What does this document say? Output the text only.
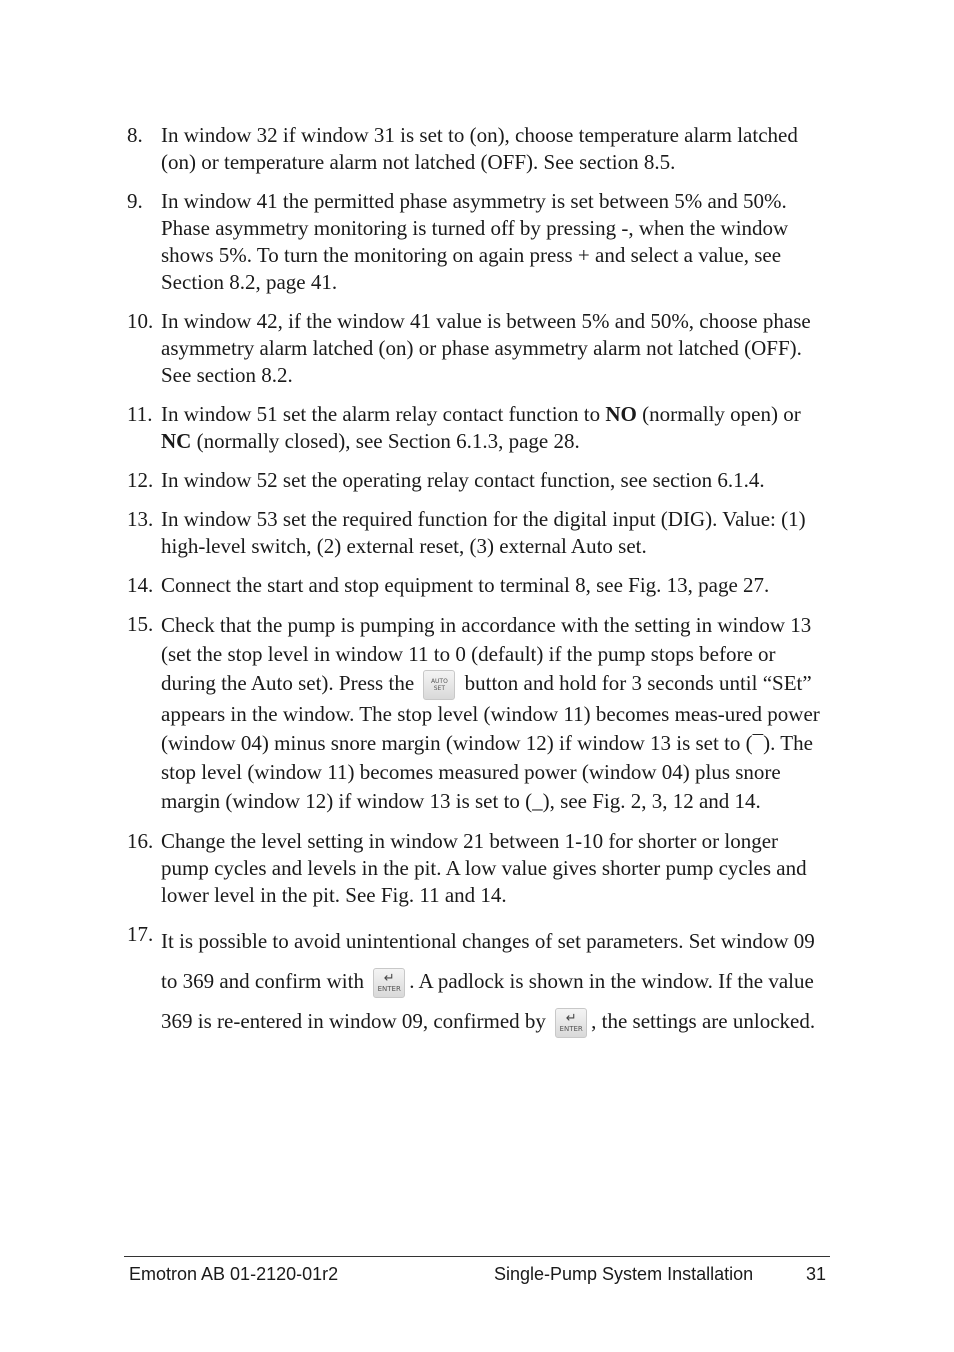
8. In window 32 if window 31 is set to (on), choose temperature alarm latched (on) or temperature alarm not latched (OFF). See section 8.5.
9. In window 41 the permitted phase asymmetry is set between 5% and 50%. Phase asymmetry monitoring is turned off by pressing -, when the window shows 5%. To turn the monitoring on again press + and select a value, see Section 8.2, page 41.
10. In window 42, if the window 41 value is between 5% and 50%, choose phase asymmetry alarm latched (on) or phase asymmetry alarm not latched (OFF). See section 8.2.
11. In window 51 set the alarm relay contact function to NO (normally open) or NC (normally closed), see Section 6.1.3, page 28.
12. In window 52 set the operating relay contact function, see section 6.1.4.
13. In window 53 set the required function for the digital input (DIG). Value: (1) high-level switch, (2) external reset, (3) external Auto set.
14. Connect the start and stop equipment to terminal 8, see Fig. 13, page 27.
15. Check that the pump is pumping in accordance with the setting in window 13 (set the stop level in window 11 to 0 (default) if the pump stops before or during the Auto set). Press the AUTO
SET button and hold for 3 seconds until “SEt” appears in the window. The stop level (window 11) becomes meas-ured power (window 04) minus snore margin (window 12) if window 13 is set to (¯). The stop level (window 11) becomes measured power (window 04) plus snore margin (window 12) if window 13 is set to (_), see Fig. 2, 3, 12 and 14.
16. Change the level setting in window 21 between 1-10 for shorter or longer pump cycles and levels in the pit. A low value gives shorter pump cycles and lower level in the pit. See Fig. 11 and 14.
17. It is possible to avoid unintentional changes of set parameters. Set window 09 to 369 and confirm with	↵
ENTER . A padlock is shown in the window. If the value 369 is re-entered in window 09, confirmed by	↵
ENTER , the settings are unlocked.
Emotron AB 01-2120-01r2	Single-Pump System Installation	31
